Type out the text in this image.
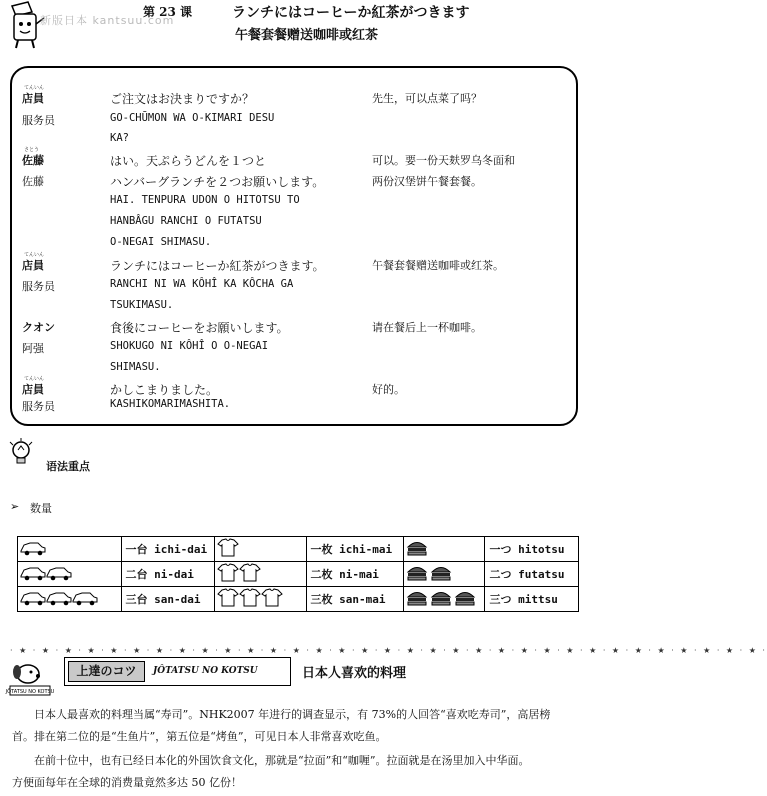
新版日本 kantsuu.com
第 23 课	ランチにはコーヒーか紅茶がつきます
午餐套餐赠送咖啡或红茶
てんいん
店員	ご注文はお決まりですか？	先生，可以点菜了吗？
服务员	GO-CHŪMON WA O-KIMARI DESU
KA?
さとう
佐藤	はい。天ぷらうどんを１つと	可以。要一份天麸罗乌冬面和
佐藤	ハンバーグランチを２つお願いします。	两份汉堡饼午餐套餐。
HAI. TENPURA UDON O HITOTSU TO
HANBÂGU RANCHI O FUTATSU
O-NEGAI SHIMASU.
てんいん
店員	ランチにはコーヒーか紅茶がつきます。	午餐套餐赠送咖啡或红茶。
服务员	RANCHI NI WA KÔHÎ KA KÔCHA GA
TSUKIMASU.
クオン	食後にコーヒーをお願いします。	请在餐后上一杯咖啡。
阿强	SHOKUGO NI KÔHÎ O O-NEGAI
SHIMASU.
てんいん
店員	かしこまりました。	好的。
服务员	KASHIKOMARIMASHITA.
语法重点
➢ 数量
	一台 ichi-dai		一枚 ichi-mai		一つ hitotsu
	二台 ni-dai		二枚 ni-mai		二つ futatsu
	三台 san-dai		三枚 san-mai		三つ mittsu
· ★ · ★ · ★ · ★ · ★ · ★ · ★ · ★ · ★ · ★ · ★ · ★ · ★ · ★ · ★ · ★ · ★ · ★ · ★ · ★ · ★ · ★ · ★ · ★ · ★ · ★ · ★ · ★ · ★ · ★ · ★ · ★ · ★ ·
JŌTATSU NO KOTSU
上達のコツ	JÔTATSU NO KOTSU	日本人喜欢的料理
　　日本人最喜欢的料理当属“寿司”。NHK2007 年进行的调查显示，有 73%的人回答“喜欢吃寿司”，高居榜
首。排在第二位的是“生鱼片”，第五位是“烤鱼”，可见日本人非常喜欢吃鱼。
　　在前十位中，也有已经日本化的外国饮食文化，那就是“拉面”和“咖喱”。拉面就是在汤里加入中华面。
方便面每年在全球的消费量竟然多达 50 亿份！
